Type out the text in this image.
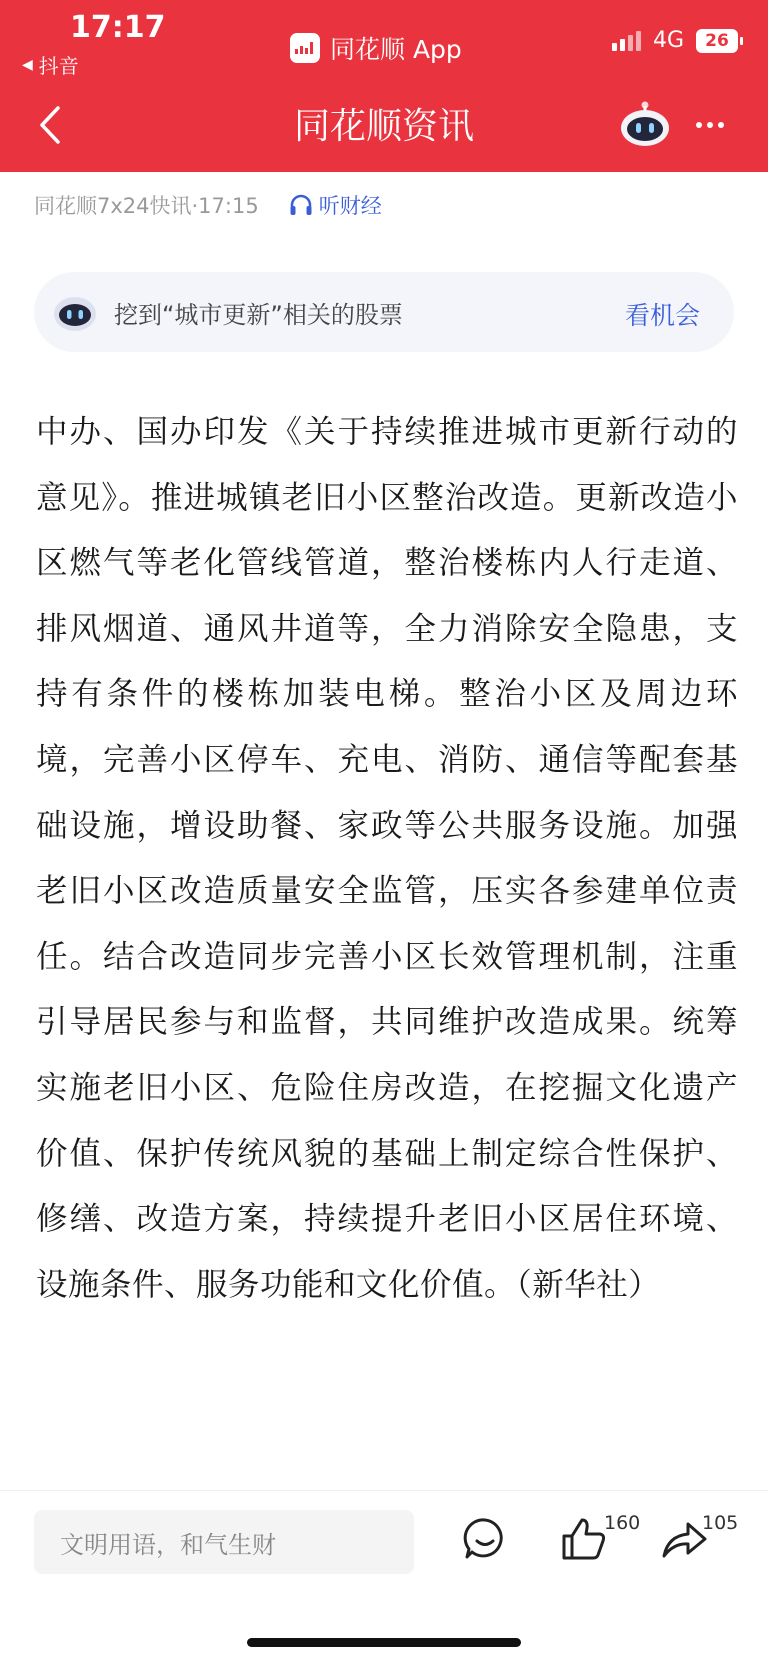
17:17
◀ 抖音
同花顺 App	4G 26
同花顺资讯
同花顺7x24快讯·17:15	听财经
挖到“城市更新”相关的股票	看机会
中办、国办印发《关于持续推进城市更新行动的意见》。推进城镇老旧小区整治改造。更新改造小区燃气等老化管线管道，整治楼栋内人行走道、排风烟道、通风井道等，全力消除安全隐患，支持有条件的楼栋加装电梯。整治小区及周边环境，完善小区停车、充电、消防、通信等配套基础设施，增设助餐、家政等公共服务设施。加强老旧小区改造质量安全监管，压实各参建单位责任。结合改造同步完善小区长效管理机制，注重引导居民参与和监督，共同维护改造成果。统筹实施老旧小区、危险住房改造，在挖掘文化遗产价值、保护传统风貌的基础上制定综合性保护、修缮、改造方案，持续提升老旧小区居住环境、设施条件、服务功能和文化价值。（新华社）
文明用语，和气生财
160	105
